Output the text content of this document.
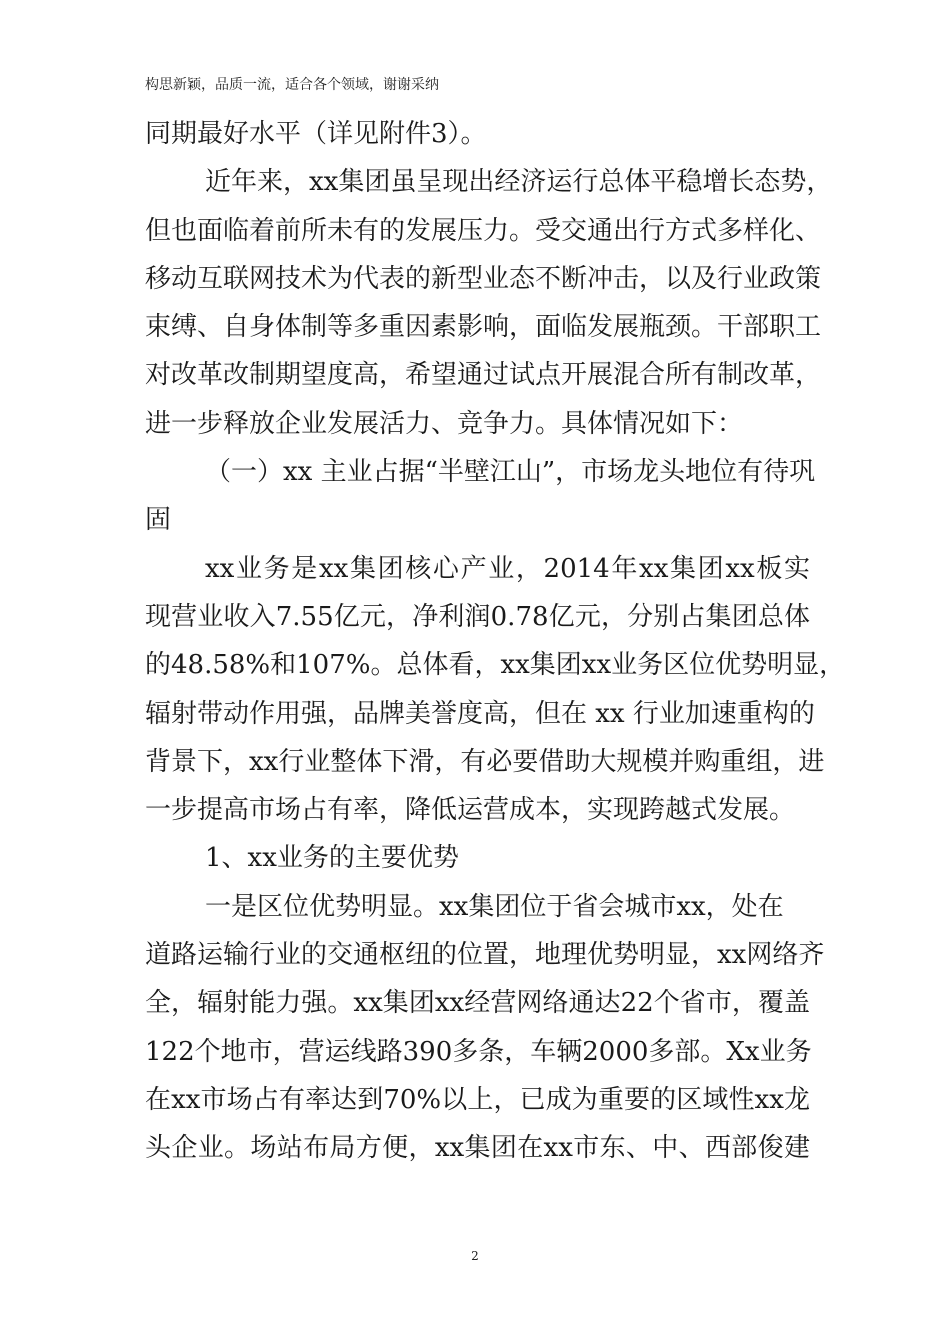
构思新颖，品质一流，适合各个领域，谢谢采纳
同期最好水平（详见附件3）。
近年来，xx集团虽呈现出经济运行总体平稳增长态势，
但也面临着前所未有的发展压力。受交通出行方式多样化、
移动互联网技术为代表的新型业态不断冲击，以及行业政策
束缚、自身体制等多重因素影响，面临发展瓶颈。干部职工
对改革改制期望度高，希望通过试点开展混合所有制改革，
进一步释放企业发展活力、竞争力。具体情况如下：
（一）xx 主业占据“半壁江山”，市场龙头地位有待巩
固
xx业务是xx集团核心产业，2014年xx集团xx板实
现营业收入7.55亿元，净利润0.78亿元，分别占集团总体
的48.58%和107%。总体看，xx集团xx业务区位优势明显，
辐射带动作用强，品牌美誉度高，但在 xx 行业加速重构的
背景下，xx行业整体下滑，有必要借助大规模并购重组，进
一步提高市场占有率，降低运营成本，实现跨越式发展。
1、xx业务的主要优势
一是区位优势明显。xx集团位于省会城市xx，处在
道路运输行业的交通枢纽的位置，地理优势明显，xx网络齐
全，辐射能力强。xx集团xx经营网络通达22个省市，覆盖
122个地市，营运线路390多条，车辆2000多部。Xx业务
在xx市场占有率达到70%以上，已成为重要的区域性xx龙
头企业。场站布局方便，xx集团在xx市东、中、西部俊建
2
